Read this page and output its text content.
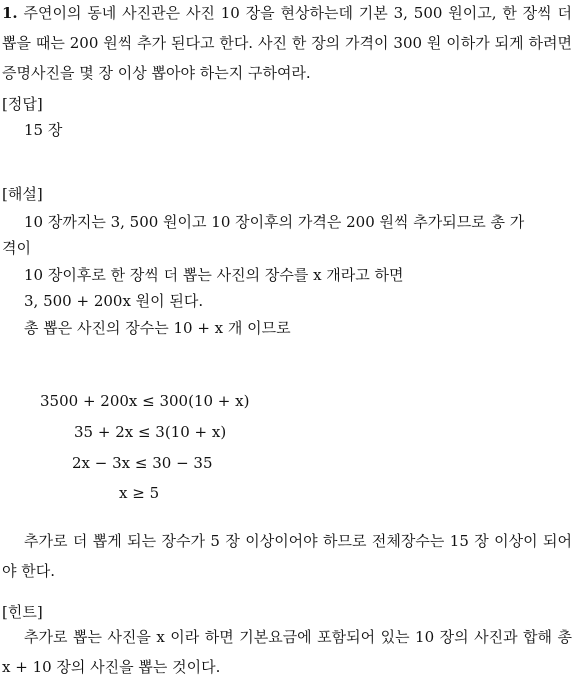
1. 주연이의 동네 사진관은 사진 10 장을 현상하는데 기본 3, 500 원이고, 한 장씩 더 뽑을 때는 200 원씩 추가 된다고 한다. 사진 한 장의 가격이 300 원 이하가 되게 하려면 증명사진을 몇 장 이상 뽑아야 하는지 구하여라.
[정답]
15 장
[해설]
10 장까지는 3, 500 원이고 10 장이후의 가격은 200 원씩 추가되므로 총 가
격이
10 장이후로 한 장씩 더 뽑는 사진의 장수를 x 개라고 하면
3, 500 + 200x 원이 된다.
총 뽑은 사진의 장수는 10 + x 개 이므로
3500 + 200x ≤ 300(10 + x)
35 + 2x ≤ 3(10 + x)
2x − 3x ≤ 30 − 35
x ≥ 5
추가로 더 뽑게 되는 장수가 5 장 이상이어야 하므로 전체장수는 15 장 이상이 되어야 한다.
[힌트]
추가로 뽑는 사진을 x 이라 하면 기본요금에 포함되어 있는 10 장의 사진과 합해 총 x + 10 장의 사진을 뽑는 것이다.
